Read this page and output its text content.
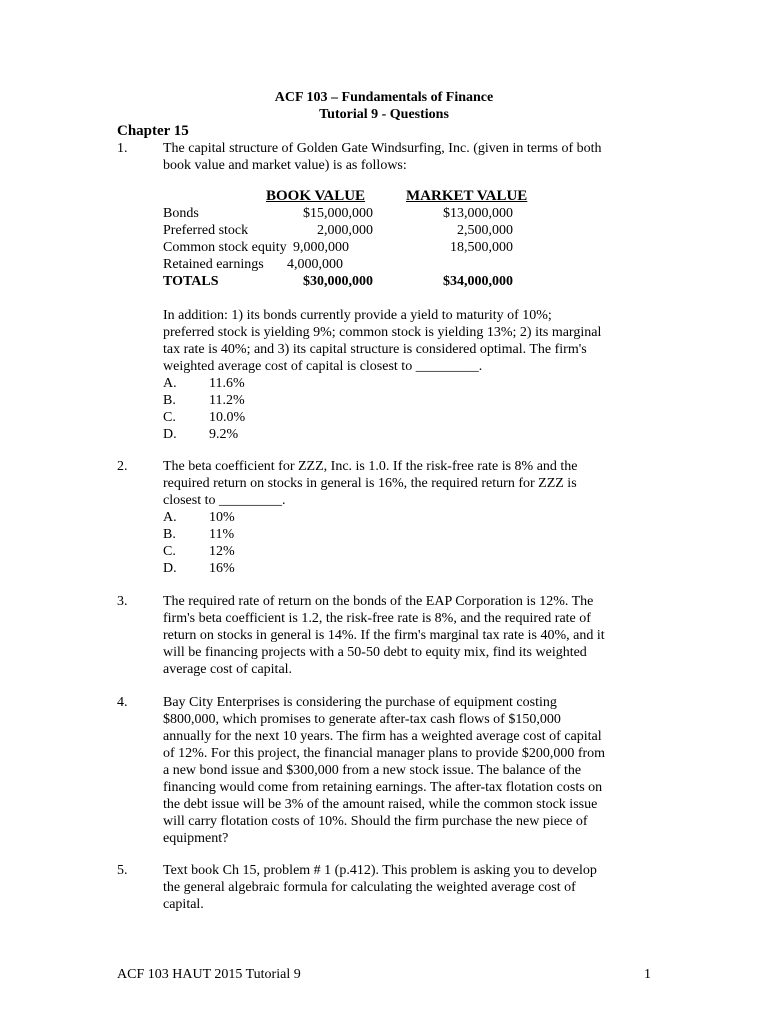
ACF 103 – Fundamentals of Finance
Tutorial 9 - Questions
Chapter 15
1.	The capital structure of Golden Gate Windsurfing, Inc. (given in terms of both
book value and market value) is as follows:
BOOK VALUE	MARKET VALUE
Bonds	$15,000,000	$13,000,000
Preferred stock	2,000,000	2,500,000
Common stock equity 9,000,000	18,500,000
Retained earnings 4,000,000
TOTALS	$30,000,000	$34,000,000
In addition: 1) its bonds currently provide a yield to maturity of 10%;
preferred stock is yielding 9%; common stock is yielding 13%; 2) its marginal
tax rate is 40%; and 3) its capital structure is considered optimal. The firm's
weighted average cost of capital is closest to _________.
A. 11.6%
B. 11.2%
C. 10.0%
D. 9.2%
2.	The beta coefficient for ZZZ, Inc. is 1.0. If the risk-free rate is 8% and the
required return on stocks in general is 16%, the required return for ZZZ is
closest to _________.
A. 10%
B. 11%
C. 12%
D. 16%
3.	The required rate of return on the bonds of the EAP Corporation is 12%. The
firm's beta coefficient is 1.2, the risk-free rate is 8%, and the required rate of
return on stocks in general is 14%. If the firm's marginal tax rate is 40%, and it
will be financing projects with a 50-50 debt to equity mix, find its weighted
average cost of capital.
4.	Bay City Enterprises is considering the purchase of equipment costing
$800,000, which promises to generate after-tax cash flows of $150,000
annually for the next 10 years. The firm has a weighted average cost of capital
of 12%. For this project, the financial manager plans to provide $200,000 from
a new bond issue and $300,000 from a new stock issue. The balance of the
financing would come from retaining earnings. The after-tax flotation costs on
the debt issue will be 3% of the amount raised, while the common stock issue
will carry flotation costs of 10%. Should the firm purchase the new piece of
equipment?
5.	Text book Ch 15, problem # 1 (p.412). This problem is asking you to develop
the general algebraic formula for calculating the weighted average cost of
capital.
ACF 103 HAUT 2015 Tutorial 9	1
